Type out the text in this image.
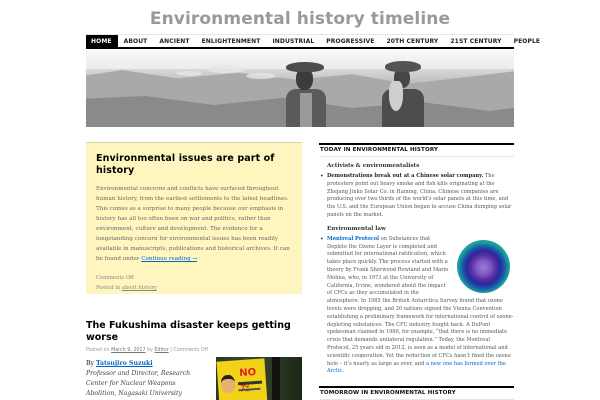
Environmental history timeline
HOME	ABOUT	ANCIENT	ENLIGHTENMENT	INDUSTRIAL	PROGRESSIVE	20TH CENTURY	21ST CENTURY	PEOPLE
Environmental issues are part of history

Environmental concerns and conflicts have surfaced throughout human history, from the earliest settlements to the latest headlines. This comes as a surprise to many people because our emphasis in history has all too often been on war and politics, rather than environment, culture and development. The evidence for a longstanding concern for environmental issues has been readily available in manuscripts, publications and historical archives. It can be found under Continue reading →

Comments Off
Posted in about history
The Fukushima disaster keeps getting worse
Posted on March 9, 2017 by Editor | Comments Off
By Tatsujiro Suzuki
Professor and Director, Research Center for Nuclear Weapons Abolition, Nagasaki University
NO
TODAY IN ENVIRONMENTAL HISTORY
Activists & environmentalists
• Demonstrations break out at a Chinese solar company. The protesters point out heavy smoke and fish kills originating at the Zhejang Jinko Solar Co. in Haining, China. Chinese companies are producing over two thirds of the world’s solar panels at this time, and the U.S. and the European Union began to accuse China dumping solar panels on the market.
Environmental law
• Montreal Protocol on Substances that Deplete the Ozone Layer is completed and submitted for international ratification, which takes place quickly. The process started with a theory by Frank Sherwood Rowland and Mario Molina, who, in 1973 at the University of California, Irvine, wondered about the impact of CFCs as they accumulated in the atmosphere. In 1985 the British Antarctica Survey found that ozone levels were dropping, and 20 nations signed the Vienna Convention establishing a preliminary framework for international control of ozone-depleting substances. The CFC industry fought back. A DuPont spokesman claimed in 1986, for example, “that there is no immediate crisis that demands unilateral regulation.” Today, the Montreal Protocol, 25 years old in 2012, is seen as a model of international and scientific cooperation. Yet the reduction of CFCs hasn’t fixed the ozone hole – it’s nearly as large as ever, and a new one has formed over the Arctic.
TOMORROW IN ENVIRONMENTAL HISTORY
